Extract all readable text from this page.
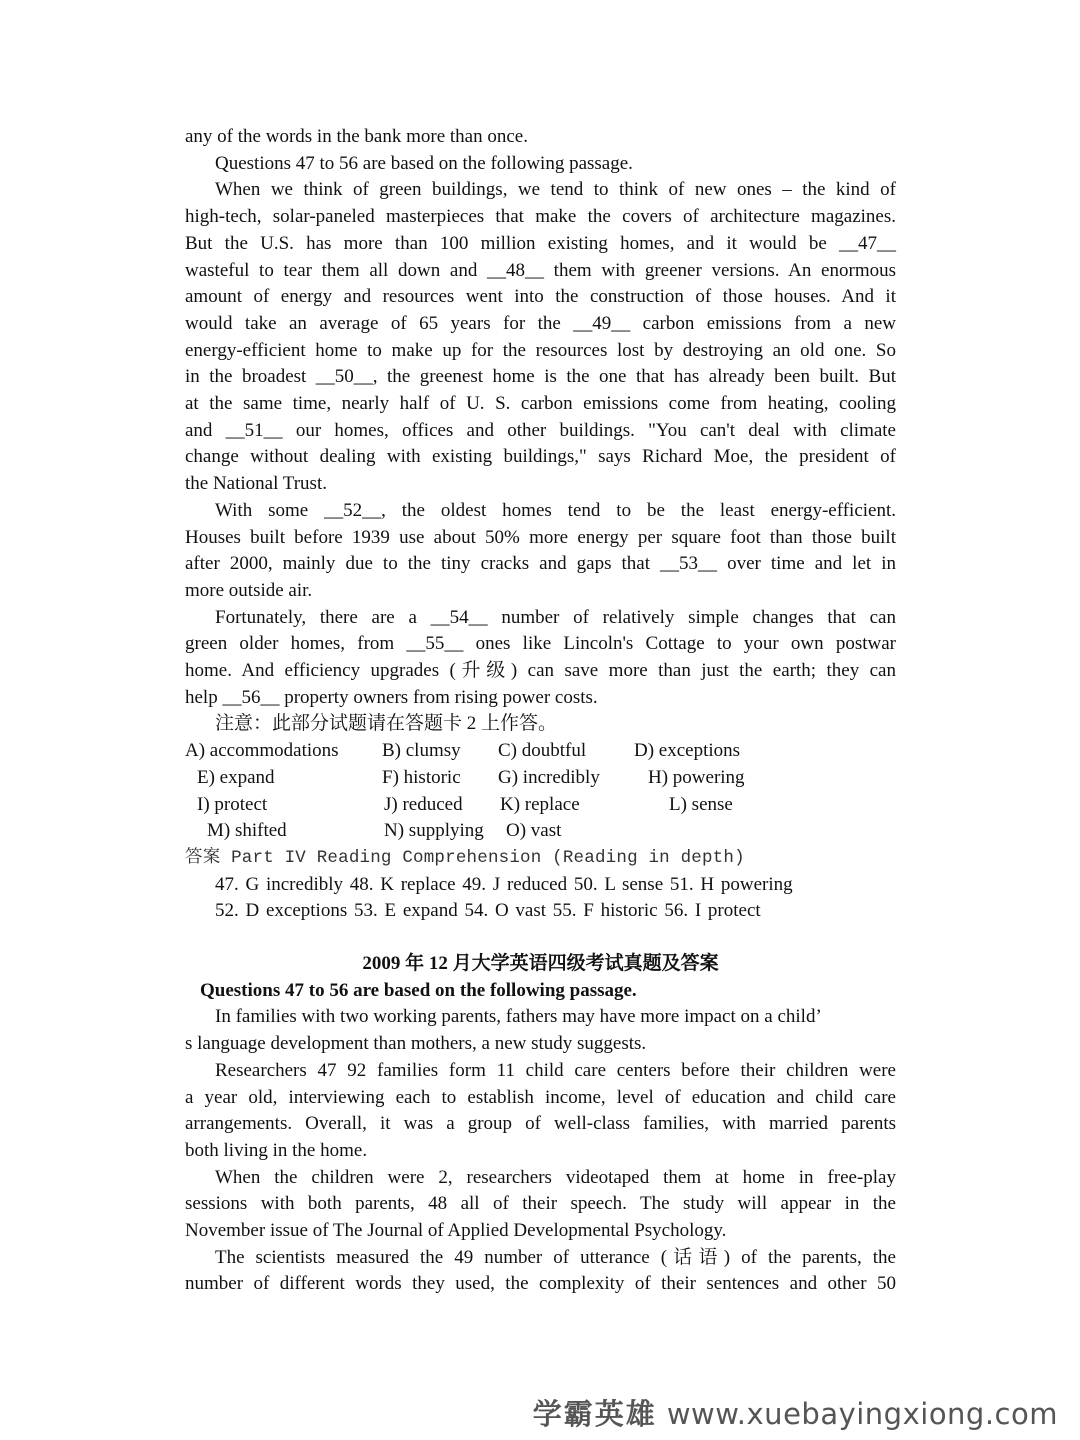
any of the words in the bank more than once.
Questions 47 to 56 are based on the following passage.
When we think of green buildings, we tend to think of new ones – the kind of
high-tech, solar-paneled masterpieces that make the covers of architecture magazines.
But the U.S. has more than 100 million existing homes, and it would be __47__
wasteful to tear them all down and __48__ them with greener versions. An enormous
amount of energy and resources went into the construction of those houses. And it
would take an average of 65 years for the __49__ carbon emissions from a new
energy-efficient home to make up for the resources lost by destroying an old one. So
in the broadest __50__, the greenest home is the one that has already been built. But
at the same time, nearly half of U. S. carbon emissions come from heating, cooling
and __51__ our homes, offices and other buildings. "You can't deal with climate
change without dealing with existing buildings," says Richard Moe, the president of
the National Trust.
With some __52__, the oldest homes tend to be the least energy-efficient.
Houses built before 1939 use about 50% more energy per square foot than those built
after 2000, mainly due to the tiny cracks and gaps that __53__ over time and let in
more outside air.
Fortunately, there are a __54__ number of relatively simple changes that can
green older homes, from __55__ ones like Lincoln's Cottage to your own postwar
home. And efficiency upgrades (升级) can save more than just the earth; they can
help __56__ property owners from rising power costs.
注意：此部分试题请在答题卡 2 上作答。
A) accommodations B) clumsy C) doubtful	D) exceptions
E) expand	F) historic G) incredibly	H) powering
I) protect	J) reduced K) replace	L) sense
M) shifted	N) supplying O) vast
答案 Part IV Reading Comprehension (Reading in depth)
47. G incredibly 48. K replace 49. J reduced 50. L sense 51. H powering
52. D exceptions 53. E expand 54. O vast 55. F historic 56. I protect
2009 年 12 月大学英语四级考试真题及答案
Questions 47 to 56 are based on the following passage.
In families with two working parents, fathers may have more impact on a child’
s language development than mothers, a new study suggests.
Researchers 47 92 families form 11 child care centers before their children were
a year old, interviewing each to establish income, level of education and child care
arrangements. Overall, it was a group of well-class families, with married parents
both living in the home.
When the children were 2, researchers videotaped them at home in free-play
sessions with both parents, 48 all of their speech. The study will appear in the
November issue of The Journal of Applied Developmental Psychology.
The scientists measured the 49 number of utterance (话语) of the parents, the
number of different words they used, the complexity of their sentences and other 50
学霸英雄 www.xuebayingxiong.com
